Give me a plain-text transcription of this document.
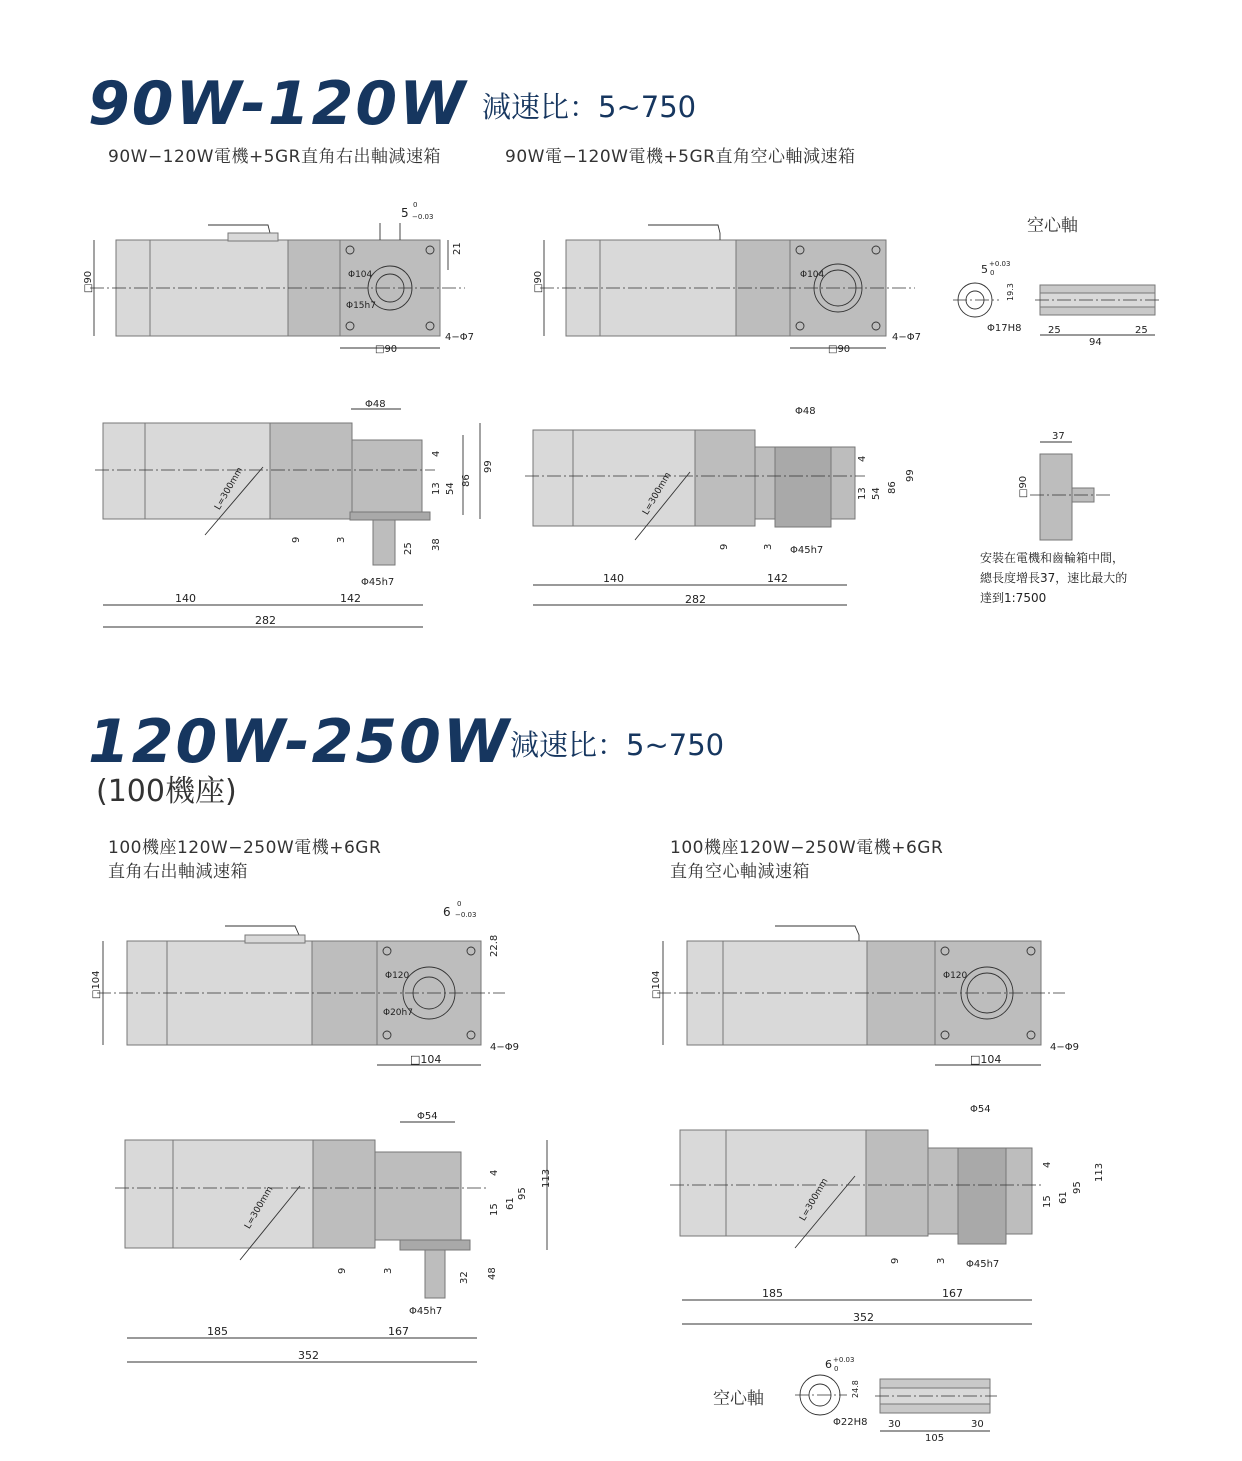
90W-120W 減速比：5~750
90W−120W電機+5GR直角右出軸減速箱	90W電−120W電機+5GR直角空心軸減速箱
空心軸
安裝在電機和齒輪箱中間，
總長度增長37，速比最大的
達到1:7500
□90
□90
Φ104
Φ15h7
4−Φ7
5
0
−0.03
21
□90
□90
Φ104
4−Φ7
5 +0.03
0
19.3
Φ17H8	25
94
25
140	142
282
Φ48
Φ45h7
L=300mm	99
86
54
13
4
9	3
25 38
140	142
282
Φ48
Φ45h7
L=300mm	99
86
54
13
4
9	3
37
□90
120W-250W
減速比：5~750
(100機座)
100機座120W−250W電機+6GR
直角右出軸減速箱
100機座120W−250W電機+6GR
直角空心軸減速箱
空心軸
□104
□104
Φ120
Φ20h7
4−Φ9
6
0
−0.03
22.8
□104
□104
Φ120
4−Φ9
185	167
352
Φ54
Φ45h7
L=300mm
113
95
61
15
4
9	3
32 48
185	167
352
Φ54
Φ45h7
L=300mm
113
95
61
15
4
9	3
6 +0.03
0
24.8
Φ22H8 30
105
30
